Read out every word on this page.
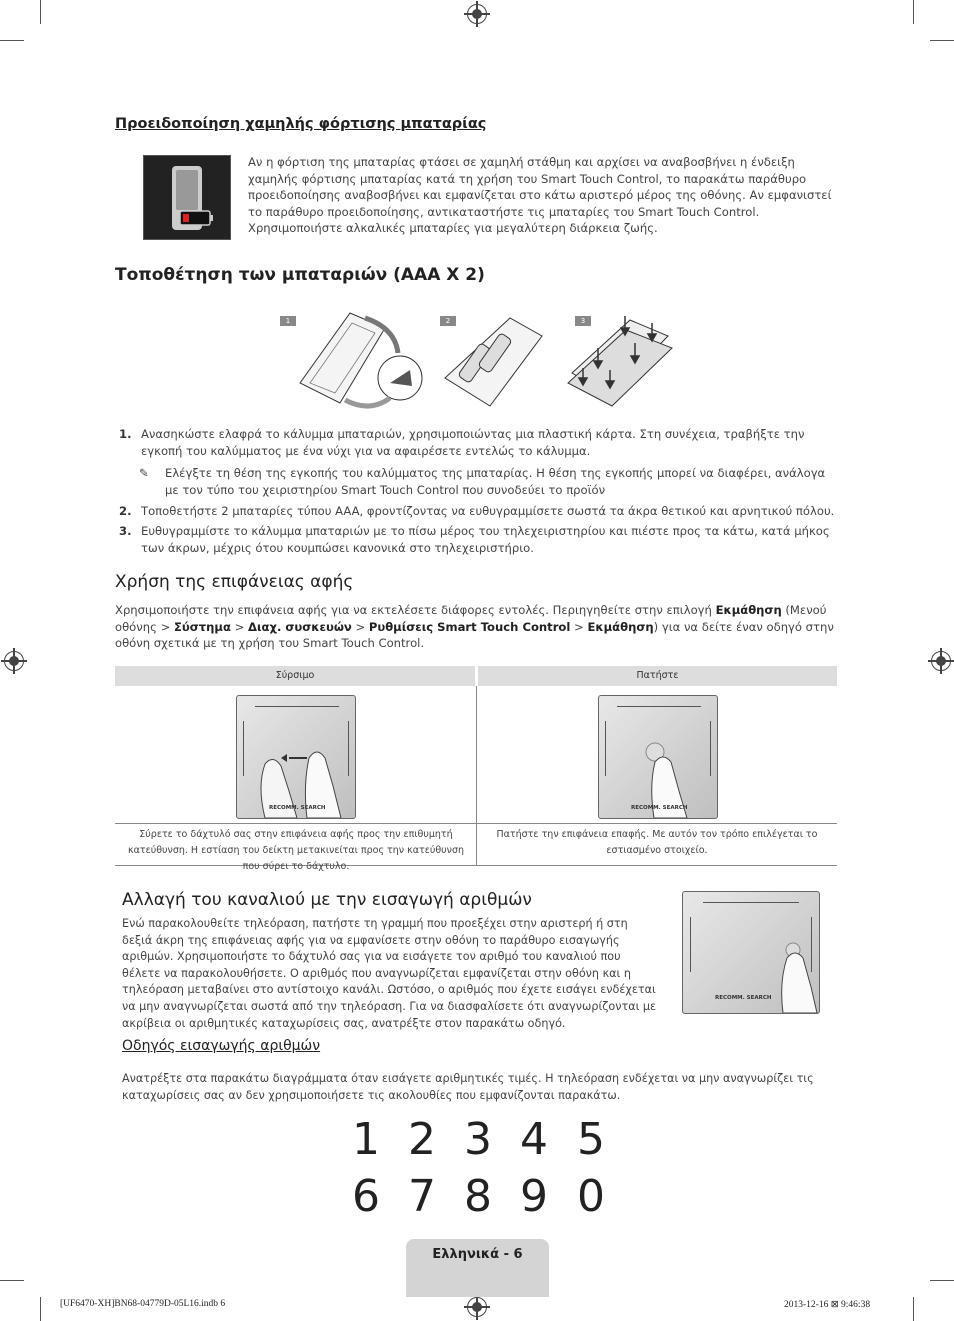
Προειδοποίηση χαμηλής φόρτισης μπαταρίας
Αν η φόρτιση της μπαταρίας φτάσει σε χαμηλή στάθμη και αρχίσει να αναβοσβήνει η ένδειξη χαμηλής φόρτισης μπαταρίας κατά τη χρήση του Smart Touch Control, το παρακάτω παράθυρο προειδοποίησης αναβοσβήνει και εμφανίζεται στο κάτω αριστερό μέρος της οθόνης. Αν εμφανιστεί το παράθυρο προειδοποίησης, αντικαταστήστε τις μπαταρίες του Smart Touch Control. Χρησιμοποιήστε αλκαλικές μπαταρίες για μεγαλύτερη διάρκεια ζωής.
Τοποθέτηση των μπαταριών (AAA X 2)
1	2	3
1. Ανασηκώστε ελαφρά το κάλυμμα μπαταριών, χρησιμοποιώντας μια πλαστική κάρτα. Στη συνέχεια, τραβήξτε την εγκοπή του καλύμματος με ένα νύχι για να αφαιρέσετε εντελώς το κάλυμμα.
✎ Ελέγξτε τη θέση της εγκοπής του καλύμματος της μπαταρίας. Η θέση της εγκοπής μπορεί να διαφέρει, ανάλογα με τον τύπο του χειριστηρίου Smart Touch Control που συνοδεύει το προϊόν
2. Τοποθετήστε 2 μπαταρίες τύπου AAA, φροντίζοντας να ευθυγραμμίσετε σωστά τα άκρα θετικού και αρνητικού πόλου.
3. Ευθυγραμμίστε το κάλυμμα μπαταριών με το πίσω μέρος του τηλεχειριστηρίου και πιέστε προς τα κάτω, κατά μήκος των άκρων, μέχρις ότου κουμπώσει κανονικά στο τηλεχειριστήριο.
Χρήση της επιφάνειας αφής
Χρησιμοποιήστε την επιφάνεια αφής για να εκτελέσετε διάφορες εντολές. Περιηγηθείτε στην επιλογή Εκμάθηση (Μενού οθόνης > Σύστημα > Διαχ. συσκευών > Ρυθμίσεις Smart Touch Control > Εκμάθηση) για να δείτε έναν οδηγό στην οθόνη σχετικά με τη χρήση του Smart Touch Control.
Σύρσιμο	Πατήστε
RECOMM. SEARCH	RECOMM. SEARCH
Σύρετε το δάχτυλό σας στην επιφάνεια αφής προς την επιθυμητή κατεύθυνση. Η εστίαση του δείκτη μετακινείται προς την κατεύθυνση που σύρει το δάχτυλο.
Πατήστε την επιφάνεια επαφής. Με αυτόν τον τρόπο επιλέγεται το εστιασμένο στοιχείο.
Αλλαγή του καναλιού με την εισαγωγή αριθμών
Ενώ παρακολουθείτε τηλεόραση, πατήστε τη γραμμή που προεξέχει στην αριστερή ή στη δεξιά άκρη της επιφάνειας αφής για να εμφανίσετε στην οθόνη το παράθυρο εισαγωγής αριθμών. Χρησιμοποιήστε το δάχτυλό σας για να εισάγετε τον αριθμό του καναλιού που θέλετε να παρακολουθήσετε. Ο αριθμός που αναγνωρίζεται εμφανίζεται στην οθόνη και η τηλεόραση μεταβαίνει στο αντίστοιχο κανάλι. Ωστόσο, ο αριθμός που έχετε εισάγει ενδέχεται να μην αναγνωρίζεται σωστά από την τηλεόραση. Για να διασφαλίσετε ότι αναγνωρίζονται με ακρίβεια οι αριθμητικές καταχωρίσεις σας, ανατρέξτε στον παρακάτω οδηγό.
RECOMM. SEARCH
Οδηγός εισαγωγής αριθμών
Ανατρέξτε στα παρακάτω διαγράμματα όταν εισάγετε αριθμητικές τιμές. Η τηλεόραση ενδέχεται να μην αναγνωρίζει τις καταχωρίσεις σας αν δεν χρησιμοποιήσετε τις ακολουθίες που εμφανίζονται παρακάτω.
1 2 3 4 5
6 7 8 9 0
Ελληνικά - 6
[UF6470-XH]BN68-04779D-05L16.indb 6	2013-12-16 ⊠ 9:46:38
